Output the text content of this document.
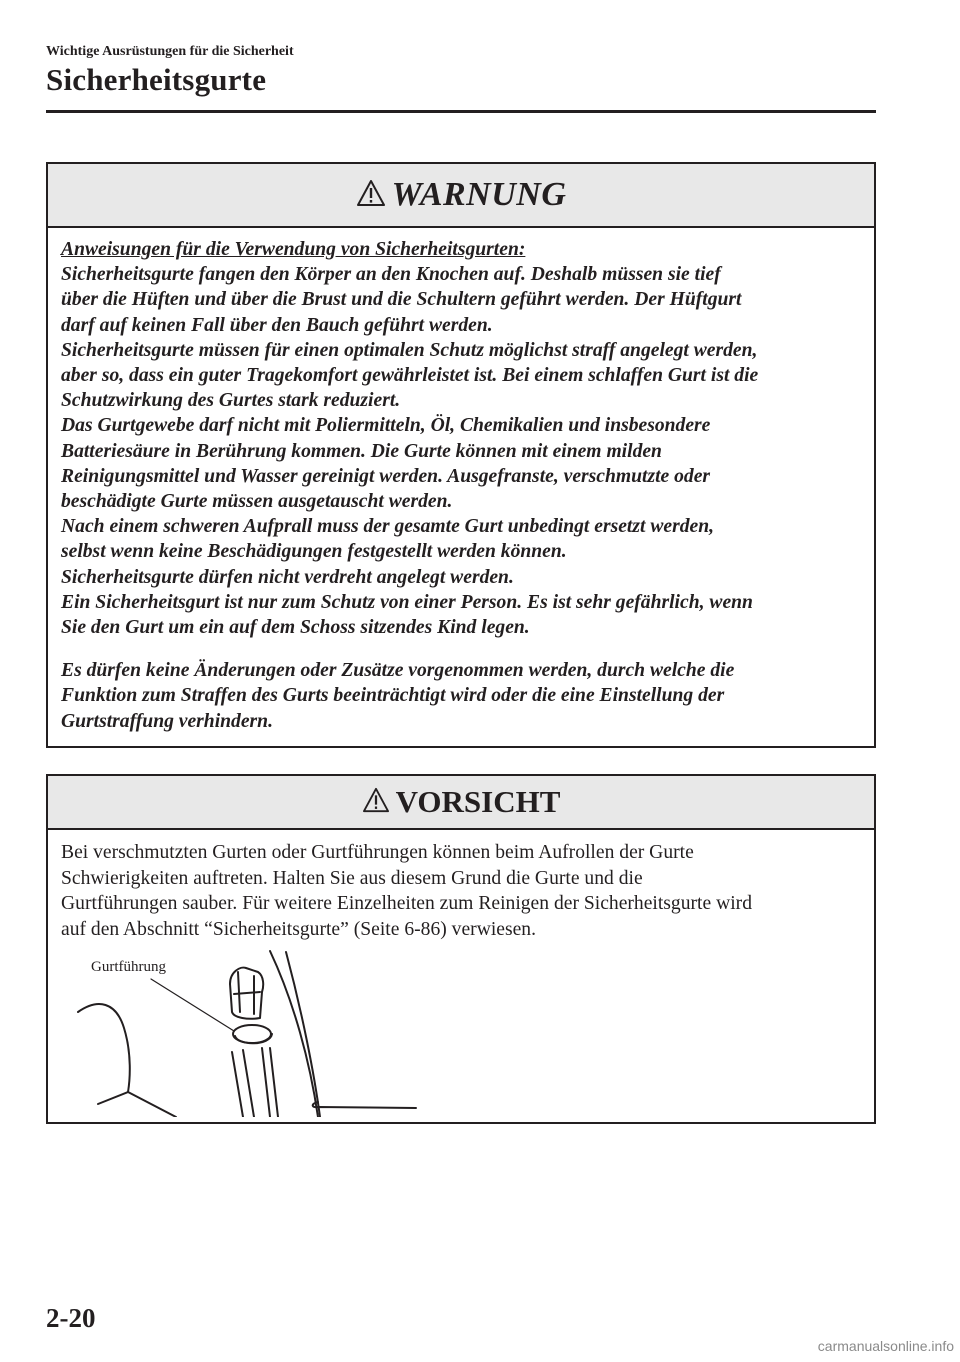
Wichtige Ausrüstungen für die Sicherheit

Sicherheitsgurte
WARNUNG

Anweisungen für die Verwendung von Sicherheitsgurten:

Sicherheitsgurte fangen den Körper an den Knochen auf. Deshalb müssen sie tief

über die Hüften und über die Brust und die Schultern geführt werden. Der Hüftgurt

darf auf keinen Fall über den Bauch geführt werden.

Sicherheitsgurte müssen für einen optimalen Schutz möglichst straff angelegt werden,

aber so, dass ein guter Tragekomfort gewährleistet ist. Bei einem schlaffen Gurt ist die

Schutzwirkung des Gurtes stark reduziert.

Das Gurtgewebe darf nicht mit Poliermitteln, Öl, Chemikalien und insbesondere

Batteriesäure in Berührung kommen. Die Gurte können mit einem milden

Reinigungsmittel und Wasser gereinigt werden. Ausgefranste, verschmutzte oder

beschädigte Gurte müssen ausgetauscht werden.

Nach einem schweren Aufprall muss der gesamte Gurt unbedingt ersetzt werden,

selbst wenn keine Beschädigungen festgestellt werden können.

Sicherheitsgurte dürfen nicht verdreht angelegt werden.

Ein Sicherheitsgurt ist nur zum Schutz von einer Person. Es ist sehr gefährlich, wenn

Sie den Gurt um ein auf dem Schoss sitzendes Kind legen.

Es dürfen keine Änderungen oder Zusätze vorgenommen werden, durch welche die

Funktion zum Straffen des Gurts beeinträchtigt wird oder die eine Einstellung der

Gurtstraffung verhindern.

VORSICHT

Bei verschmutzten Gurten oder Gurtführungen können beim Aufrollen der Gurte

Schwierigkeiten auftreten. Halten Sie aus diesem Grund die Gurte und die

Gurtführungen sauber. Für weitere Einzelheiten zum Reinigen der Sicherheitsgurte wird

auf den Abschnitt “Sicherheitsgurte” (Seite 6-86) verwiesen.

Gurtführung

2-20

carmanualsonline.info
